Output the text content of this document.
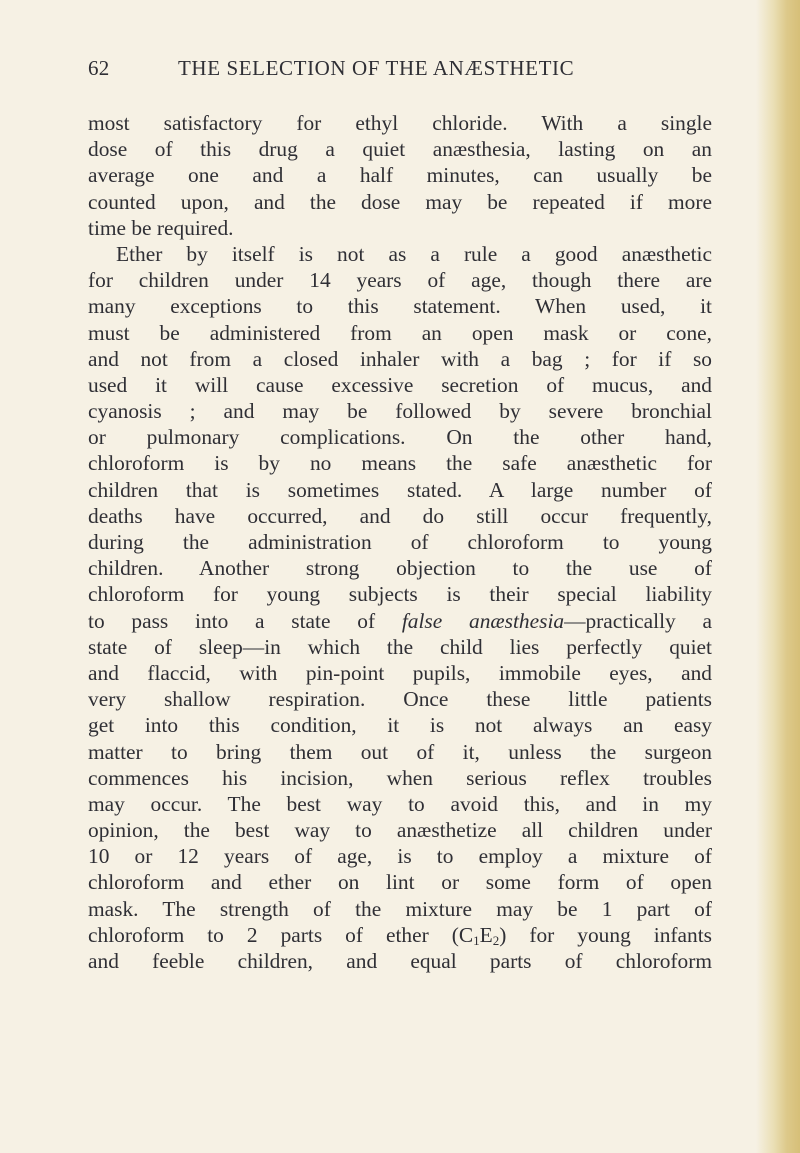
62	THE SELECTION OF THE ANÆSTHETIC

most satisfactory for ethyl chloride. With a single
dose of this drug a quiet anæsthesia, lasting on an
average one and a half minutes, can usually be
counted upon, and the dose may be repeated if more
time be required.

Ether by itself is not as a rule a good anæsthetic
for children under 14 years of age, though there are
many exceptions to this statement. When used, it
must be administered from an open mask or cone,
and not from a closed inhaler with a bag ; for if so
used it will cause excessive secretion of mucus, and
cyanosis ; and may be followed by severe bronchial
or pulmonary complications. On the other hand,
chloroform is by no means the safe anæsthetic for
children that is sometimes stated. A large number of
deaths have occurred, and do still occur frequently,
during the administration of chloroform to young
children. Another strong objection to the use of
chloroform for young subjects is their special liability
to pass into a state of false anæsthesia—practically a
state of sleep—in which the child lies perfectly quiet
and flaccid, with pin-point pupils, immobile eyes, and
very shallow respiration. Once these little patients
get into this condition, it is not always an easy
matter to bring them out of it, unless the surgeon
commences his incision, when serious reflex troubles
may occur. The best way to avoid this, and in my
opinion, the best way to anæsthetize all children under
10 or 12 years of age, is to employ a mixture of
chloroform and ether on lint or some form of open
mask. The strength of the mixture may be 1 part of
chloroform to 2 parts of ether $(C_1E_2)$ for young infants
and feeble children, and equal parts of chloroform
